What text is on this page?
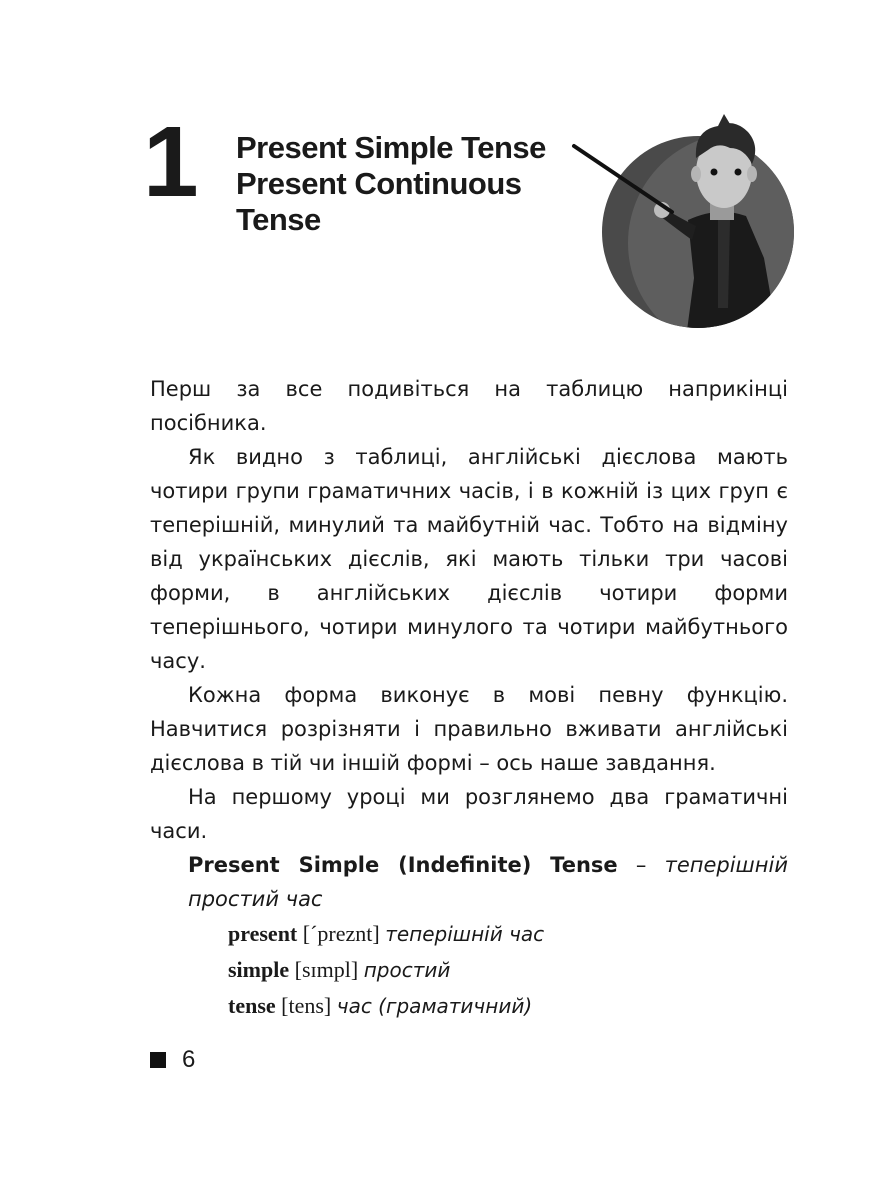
1 Present Simple Tense
Present Continuous
Tense

Перш за все подивіться на таблицю наприкінці посібника.

Як видно з таблиці, англійські дієслова мають чотири групи граматичних часів, і в кожній із цих груп є теперішній, минулий та майбутній час. Тобто на відміну від українських дієслів, які мають тільки три часові форми, в англійських дієслів чотири форми теперішнього, чотири минулого та чотири майбутнього часу.

Кожна форма виконує в мові певну функцію. Навчитися розрізняти і правильно вживати англійські дієслова в тій чи іншій формі – ось наше завдання.

На першому уроці ми розглянемо два граматичні часи.

Present Simple (Indefinite) Tense – теперішній простий час

present [´preznt] теперішній час
simple [sɪmpl] простий
tense [tens] час (граматичний)
6
